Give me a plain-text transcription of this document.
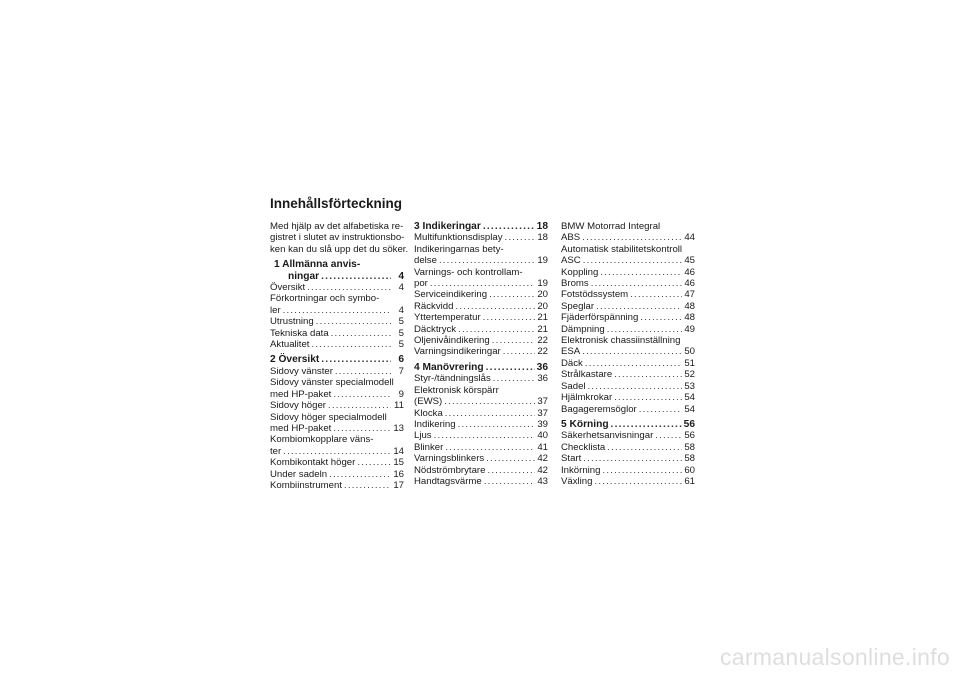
Innehållsförteckning
Med hjälp av det alfabetiska re-
gistret i slutet av instruktionsbo-
ken kan du slå upp det du söker.
1 Allmänna anvis-
ningar .....	4
Översikt .....	4
Förkortningar och symbo-
ler .....	4
Utrustning .....	5
Tekniska data .....	5
Aktualitet .....	5
2 Översikt .....	6
Sidovy vänster .....	7
Sidovy vänster specialmodell
med HP-paket .....	9
Sidovy höger .....	11
Sidovy höger specialmodell
med HP-paket .....	13
Kombiomkopplare väns-
ter .....	14
Kombikontakt höger .....	15
Under sadeln .....	16
Kombiinstrument .....	17
3 Indikeringar .....	18
Multifunktionsdisplay .....	18
Indikeringarnas bety-
delse .....	19
Varnings- och kontrollam-
por .....	19
Serviceindikering .....	20
Räckvidd .....	20
Yttertemperatur .....	21
Däcktryck .....	21
Oljenivåindikering .....	22
Varningsindikeringar .....	22
4 Manövrering .....	36
Styr-/tändningslås .....	36
Elektronisk körspärr
(EWS) .....	37
Klocka .....	37
Indikering .....	39
Ljus .....	40
Blinker .....	41
Varningsblinkers .....	42
Nödströmbrytare .....	42
Handtagsvärme .....	43
BMW Motorrad Integral
ABS .....	44
Automatisk stabilitetskontroll
ASC .....	45
Koppling .....	46
Broms .....	46
Fotstödssystem .....	47
Speglar .....	48
Fjäderförspänning .....	48
Dämpning .....	49
Elektronisk chassiinställning
ESA .....	50
Däck .....	51
Strålkastare .....	52
Sadel .....	53
Hjälmkrokar .....	54
Bagageremsöglor .....	54
5 Körning .....	56
Säkerhetsanvisningar .....	56
Checklista .....	58
Start .....	58
Inkörning .....	60
Växling .....	61
carmanualsonline.info
